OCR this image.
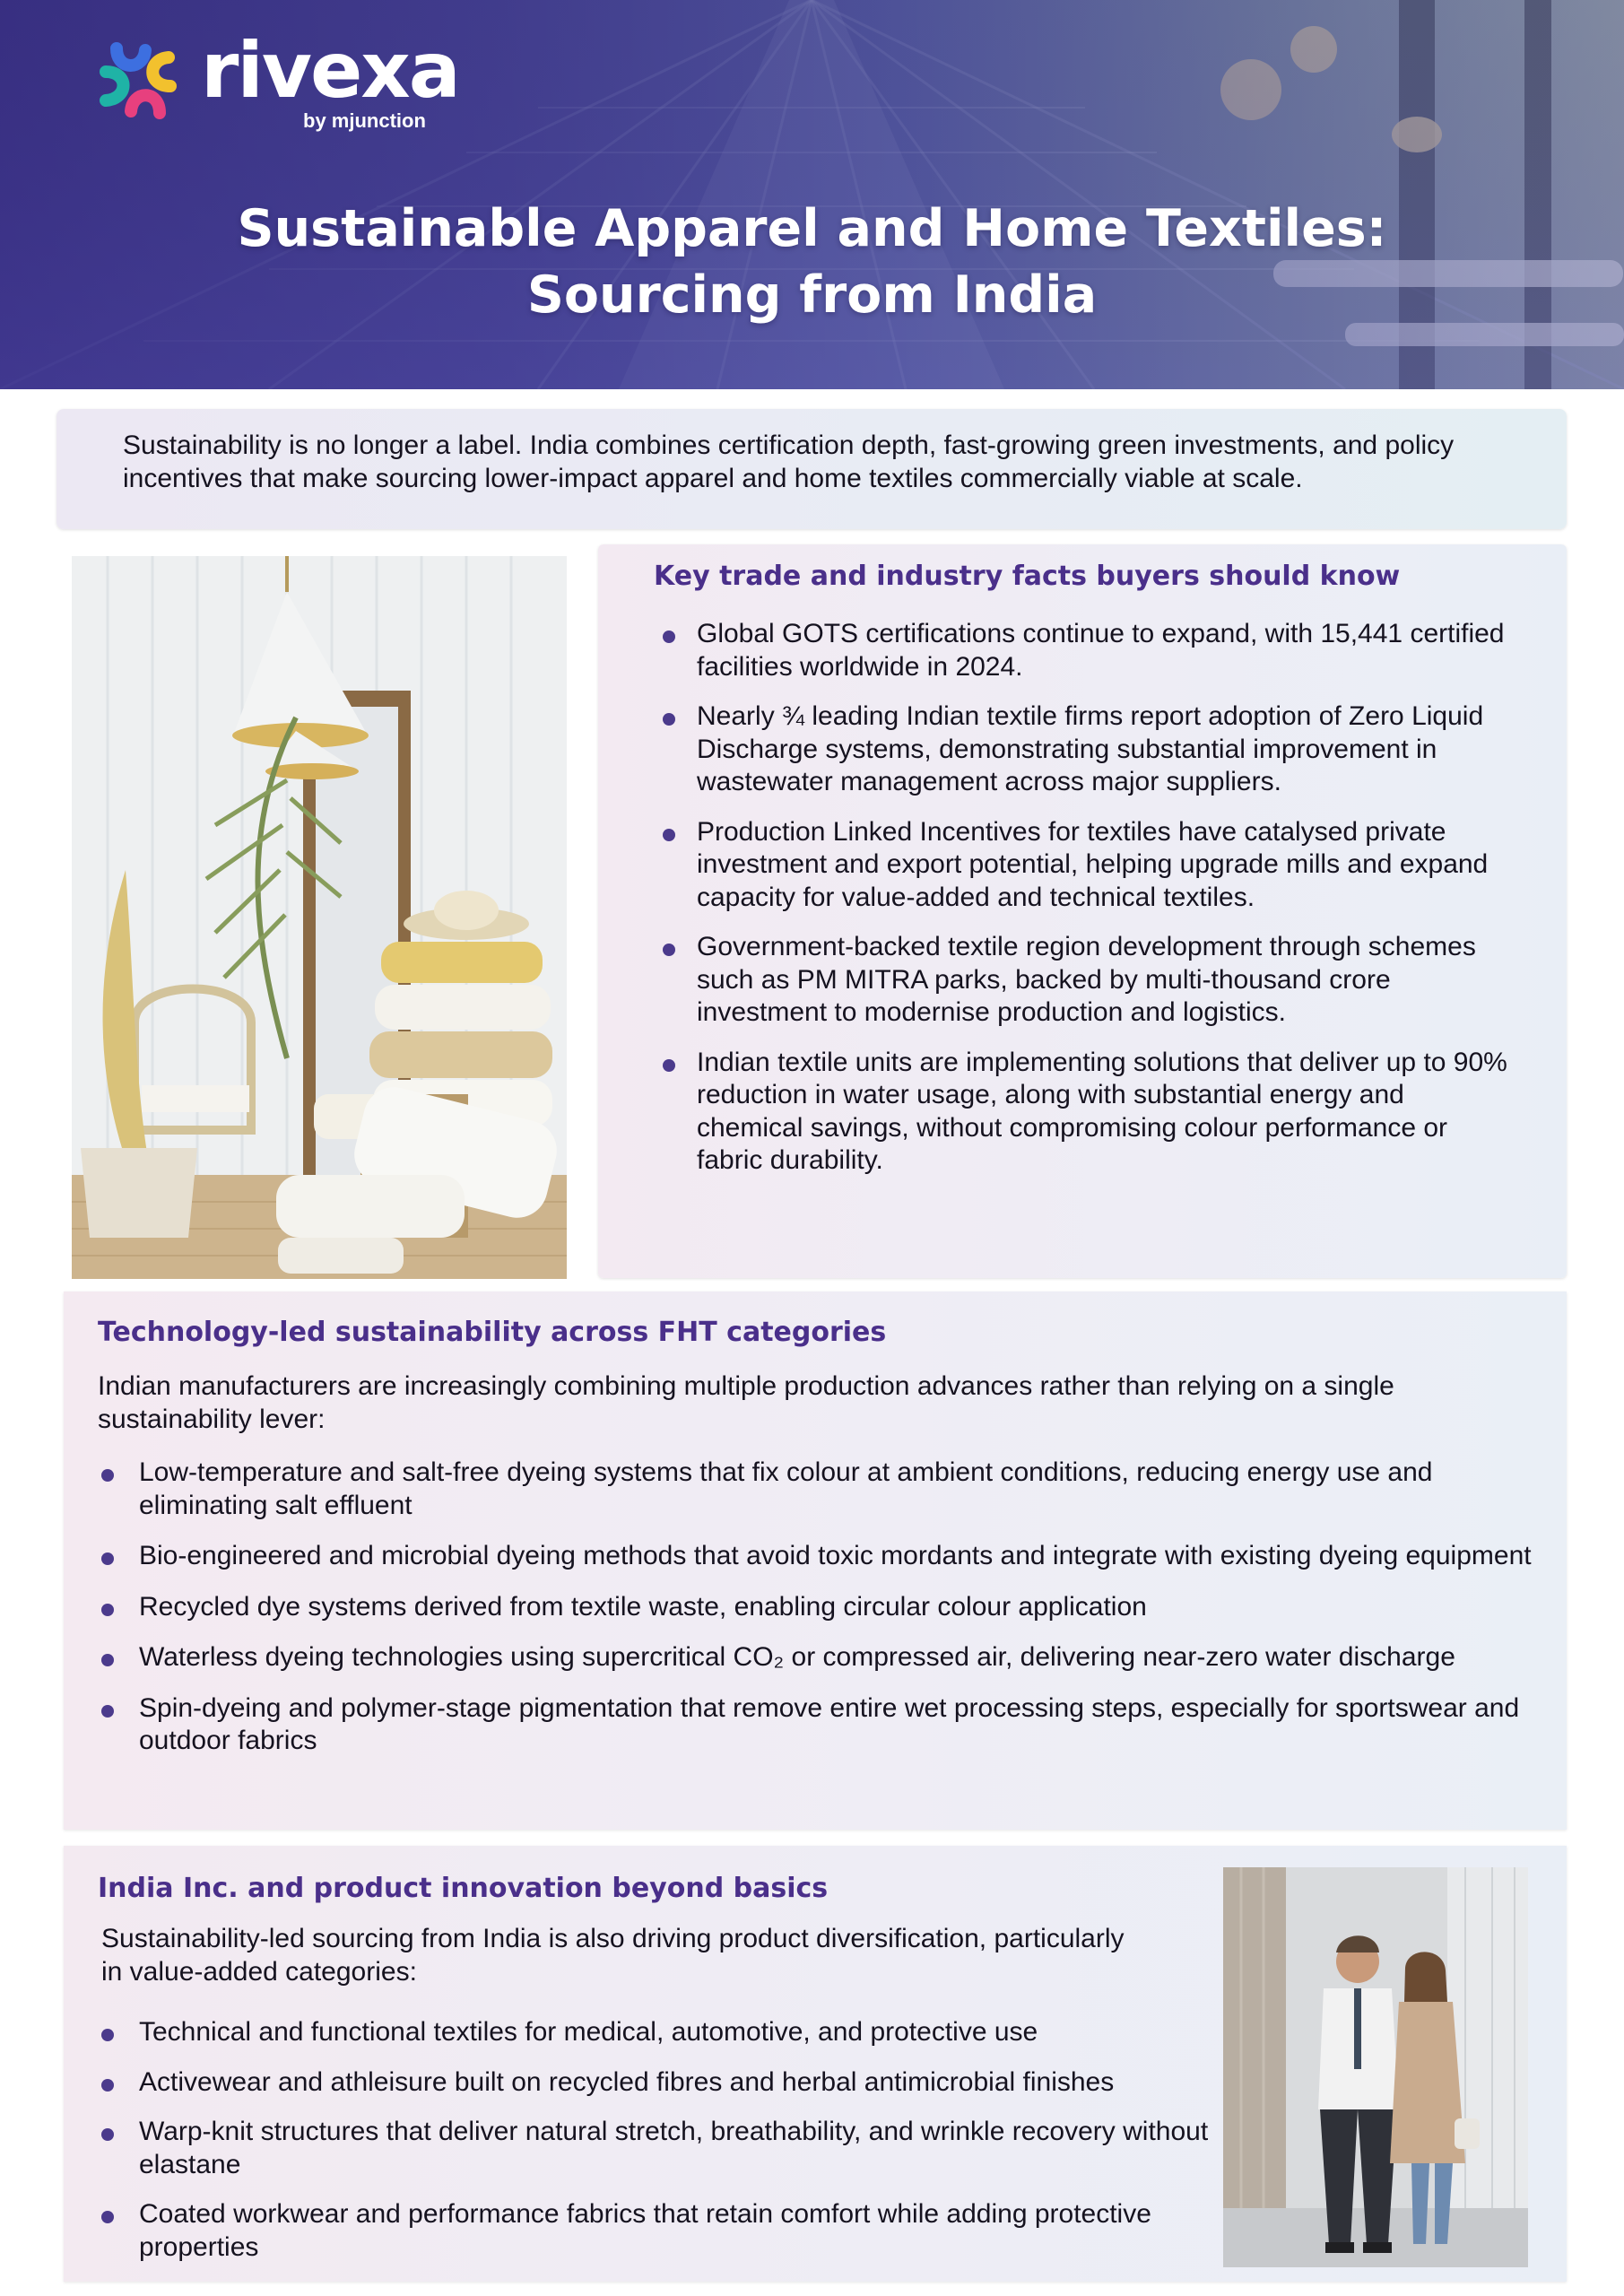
rivexa
by mjunction
Sustainable Apparel and Home Textiles:
Sourcing from India

Sustainability is no longer a label. India combines certification depth, fast-growing green investments, and policy incentives that make sourcing lower-impact apparel and home textiles commercially viable at scale.

Key trade and industry facts buyers should know
Global GOTS certifications continue to expand, with 15,441 certified facilities worldwide in 2024.
Nearly ¾ leading Indian textile firms report adoption of Zero Liquid Discharge systems, demonstrating substantial improvement in wastewater management across major suppliers.
Production Linked Incentives for textiles have catalysed private investment and export potential, helping upgrade mills and expand capacity for value-added and technical textiles.
Government-backed textile region development through schemes such as PM MITRA parks, backed by multi-thousand crore investment to modernise production and logistics.
Indian textile units are implementing solutions that deliver up to 90% reduction in water usage, along with substantial energy and chemical savings, without compromising colour performance or fabric durability.
Technology-led sustainability across FHT categories

Indian manufacturers are increasingly combining multiple production advances rather than relying on a single sustainability lever:

Low-temperature and salt-free dyeing systems that fix colour at ambient conditions, reducing energy use and eliminating salt effluent
Bio-engineered and microbial dyeing methods that avoid toxic mordants and integrate with existing dyeing equipment
Recycled dye systems derived from textile waste, enabling circular colour application
Waterless dyeing technologies using supercritical CO₂ or compressed air, delivering near-zero water discharge
Spin-dyeing and polymer-stage pigmentation that remove entire wet processing steps, especially for sportswear and outdoor fabrics
India Inc. and product innovation beyond basics

Sustainability-led sourcing from India is also driving product diversification, particularly in value-added categories:

Technical and functional textiles for medical, automotive, and protective use
Activewear and athleisure built on recycled fibres and herbal antimicrobial finishes
Warp-knit structures that deliver natural stretch, breathability, and wrinkle recovery without elastane
Coated workwear and performance fabrics that retain comfort while adding protective properties
